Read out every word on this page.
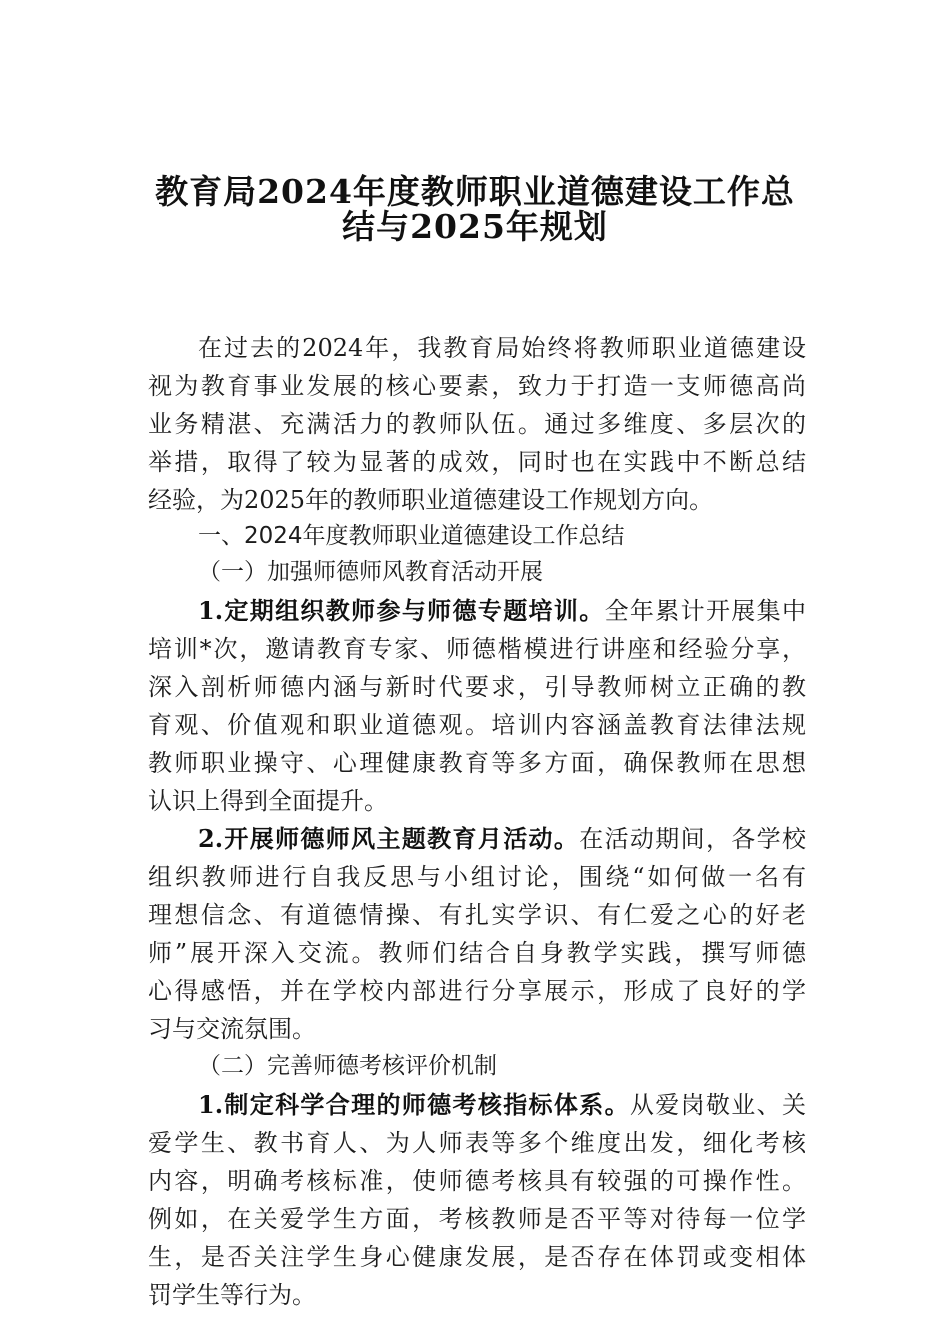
教育局2024年度教师职业道德建设工作总
结与2025年规划
在过去的2024年，我教育局始终将教师职业道德建设
视为教育事业发展的核心要素，致力于打造一支师德高尚
业务精湛、充满活力的教师队伍。通过多维度、多层次的
举措，取得了较为显著的成效，同时也在实践中不断总结
经验，为2025年的教师职业道德建设工作规划方向。
一、2024年度教师职业道德建设工作总结
（一）加强师德师风教育活动开展
1.定期组织教师参与师德专题培训。全年累计开展集中
培训*次，邀请教育专家、师德楷模进行讲座和经验分享，
深入剖析师德内涵与新时代要求，引导教师树立正确的教
育观、价值观和职业道德观。培训内容涵盖教育法律法规
教师职业操守、心理健康教育等多方面，确保教师在思想
认识上得到全面提升。
2.开展师德师风主题教育月活动。在活动期间，各学校
组织教师进行自我反思与小组讨论，围绕“如何做一名有
理想信念、有道德情操、有扎实学识、有仁爱之心的好老
师”展开深入交流。教师们结合自身教学实践，撰写师德
心得感悟，并在学校内部进行分享展示，形成了良好的学
习与交流氛围。
（二）完善师德考核评价机制
1.制定科学合理的师德考核指标体系。从爱岗敬业、关
爱学生、教书育人、为人师表等多个维度出发，细化考核
内容，明确考核标准，使师德考核具有较强的可操作性。
例如，在关爱学生方面，考核教师是否平等对待每一位学
生，是否关注学生身心健康发展，是否存在体罚或变相体
罚学生等行为。
